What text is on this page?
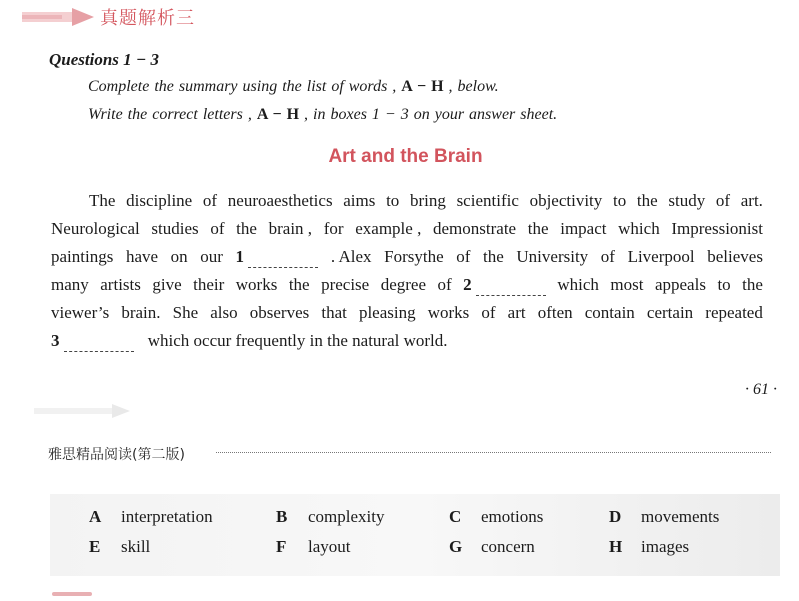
真题解析三
Questions 1 − 3
Complete the summary using the list of words , A − H , below.
Write the correct letters , A − H , in boxes 1 − 3 on your answer sheet.
Art and the Brain
The discipline of neuroaesthetics aims to bring scientific objectivity to the study of art.
Neurological studies of the brain , for example , demonstrate the impact which Impressionist
paintings have on our 1	. Alex Forsythe of the University of Liverpool believes
many artists give their works the precise degree of 2	which most appeals to the
viewer’s brain. She also observes that pleasing works of art often contain certain repeated
3	which occur frequently in the natural world.
· 61 ·
雅思精品阅读(第二版)
A interpretation	B complexity	C emotions	D movements
E skill	F layout	G concern	H images
